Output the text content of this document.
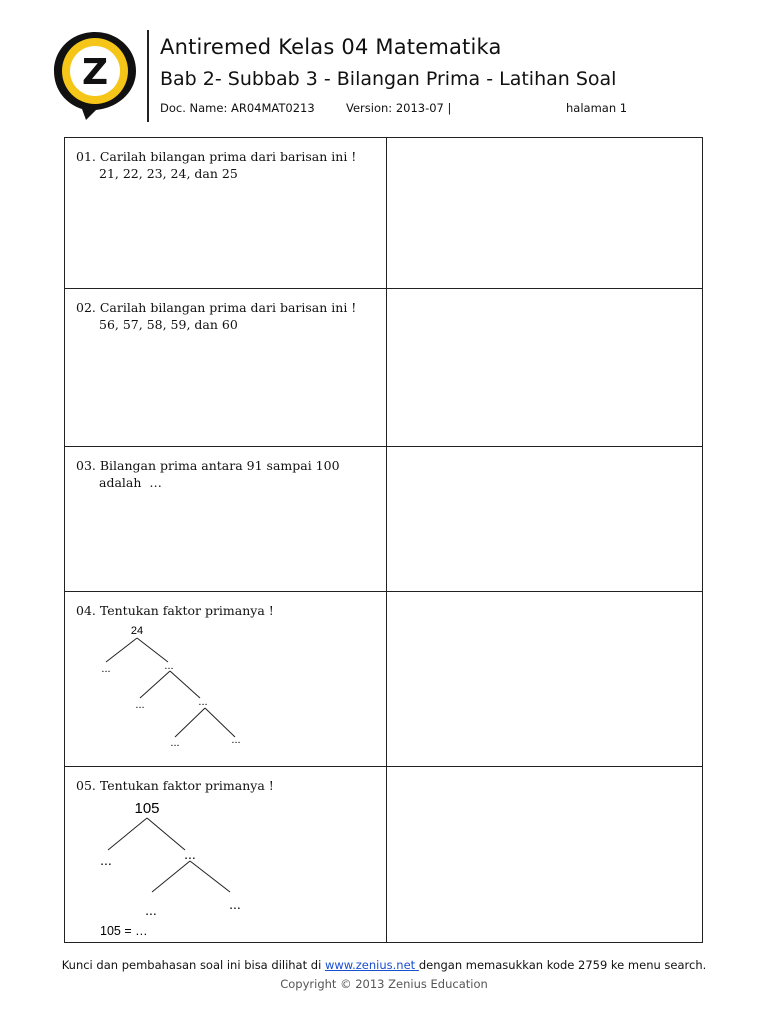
Z
Antiremed Kelas 04 Matematika
Bab 2- Subbab 3 - Bilangan Prima - Latihan Soal
Doc. Name: AR04MAT0213	Version: 2013-07 |	halaman 1
01. Carilah bilangan prima dari barisan ini !
21, 22, 23, 24, dan 25
02. Carilah bilangan prima dari barisan ini !
56, 57, 58, 59, dan 60
03. Bilangan prima antara 91 sampai 100
adalah  …
04. Tentukan faktor primanya !
24
...	...
...	...
...	...
05. Tentukan faktor primanya !
105
...	...
...	...
105 = …
Kunci dan pembahasan soal ini bisa dilihat di www.zenius.net dengan memasukkan kode 2759 ke menu search.
Copyright © 2013 Zenius Education
